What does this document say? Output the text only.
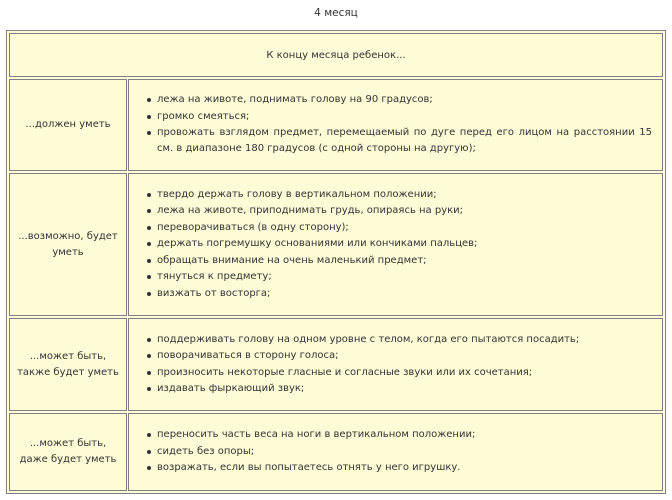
4 месяц
К концу месяца ребенок...
...должен уметь
лежа на животе, поднимать голову на 90 градусов;
громко смеяться;
провожать взглядом предмет, перемещаемый по дуге перед его лицом на расстоянии 15 см. в диапазоне 180 градусов (с одной стороны на другую);
...возможно, будет уметь
твердо держать голову в вертикальном положении;
лежа на животе, приподнимать грудь, опираясь на руки;
переворачиваться (в одну сторону);
держать погремушку основаниями или кончиками пальцев;
обращать внимание на очень маленький предмет;
тянуться к предмету;
визжать от восторга;
...может быть, также будет уметь
поддерживать голову на одном уровне с телом, когда его пытаются посадить;
поворачиваться в сторону голоса;
произносить некоторые гласные и согласные звуки или их сочетания;
издавать фыркающий звук;
...может быть, даже будет уметь
переносить часть веса на ноги в вертикальном положении;
сидеть без опоры;
возражать, если вы попытаетесь отнять у него игрушку.
